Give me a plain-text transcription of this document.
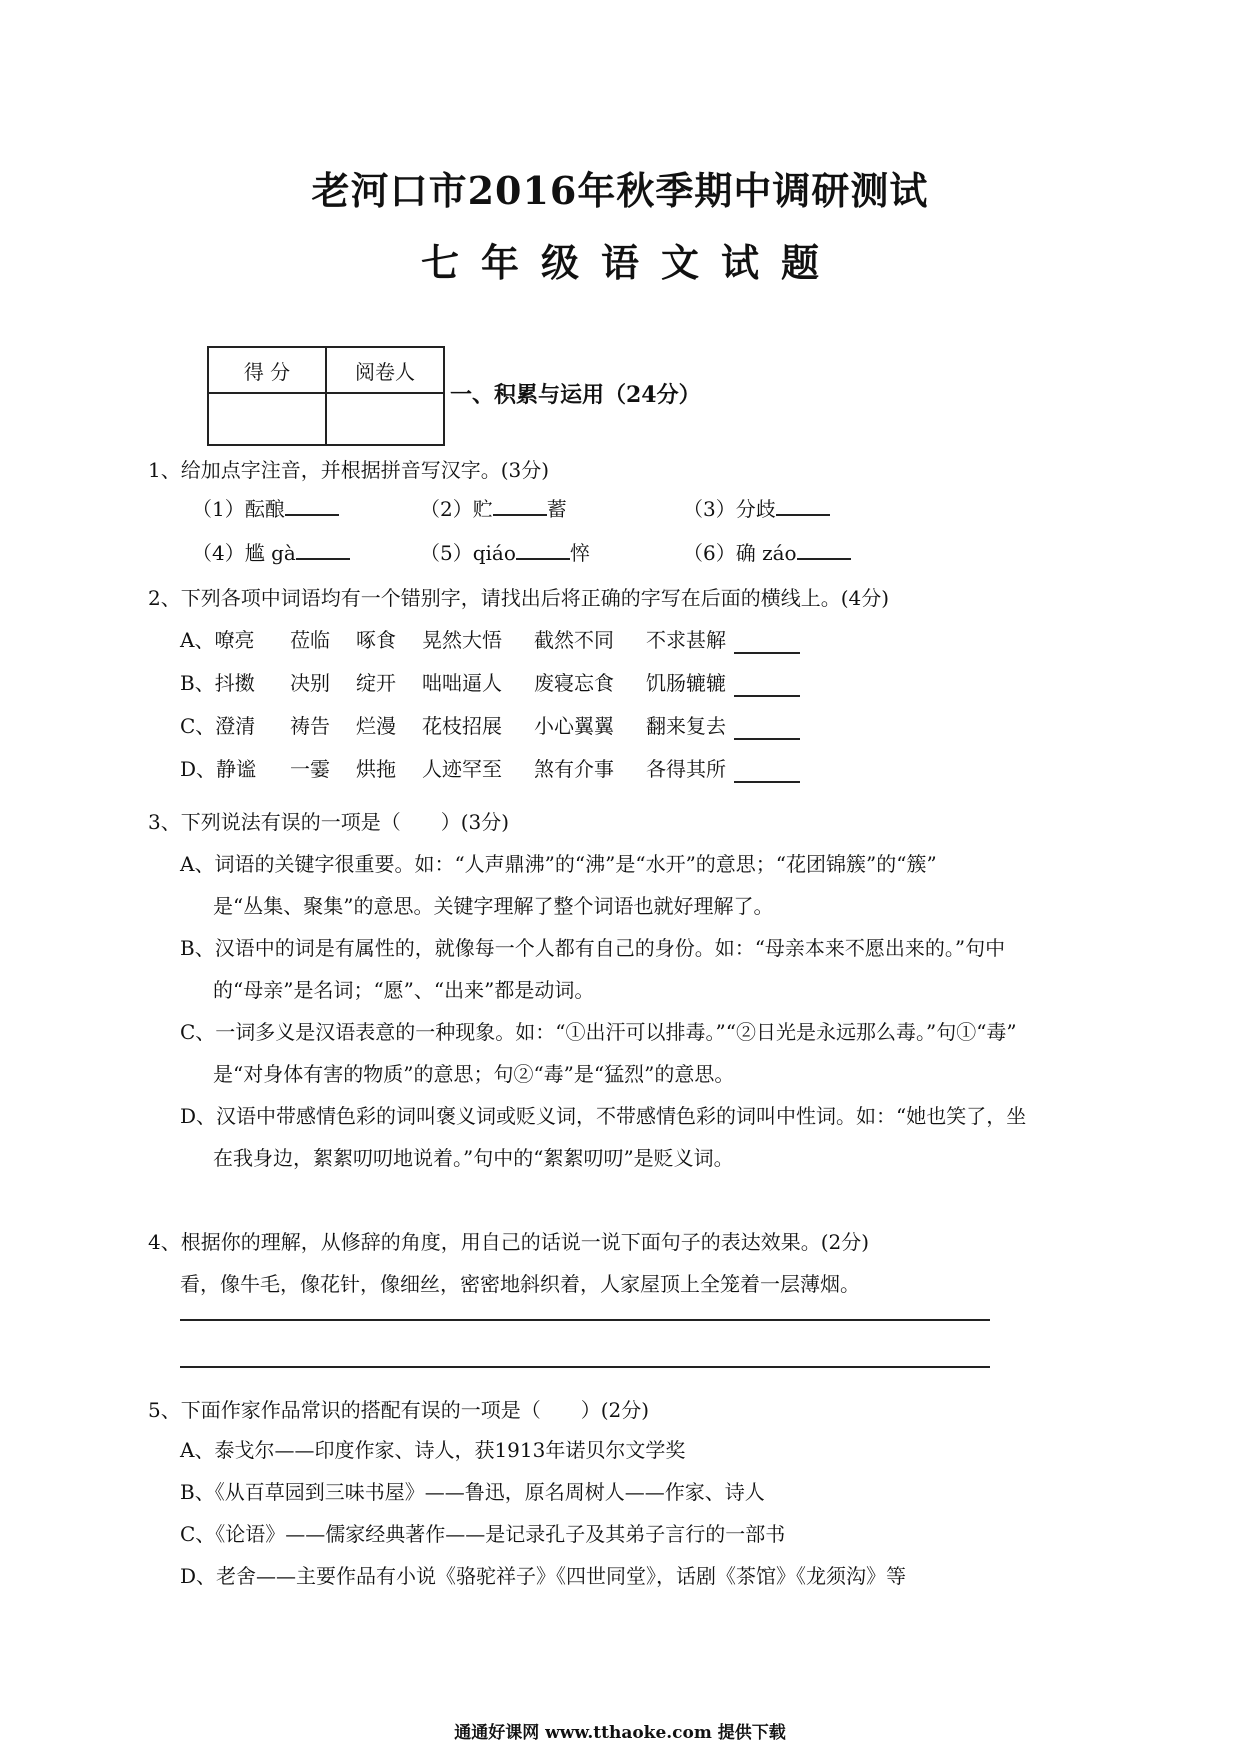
老河口市2016年秋季期中调研测试
七年级语文试题
得 分	阅卷人

一、积累与运用（24分）
1、给加点字注音，并根据拼音写汉字。(3分)
（1）酝酿	（2）贮	蓄	（3）分歧
（4）尴 gà	（5）qiáo	悴	（6）确 záo
2、下列各项中词语均有一个错别字，请找出后将正确的字写在后面的横线上。(4分)
A、嘹亮 莅临 啄食 晃然大悟 截然不同 不求甚解
B、抖擞 决别 绽开 咄咄逼人 废寝忘食 饥肠辘辘
C、澄清 祷告 烂漫 花枝招展 小心翼翼 翻来复去
D、静谧 一霎 烘拖 人迹罕至 煞有介事 各得其所
3、下列说法有误的一项是（　　）(3分)
A、词语的关键字很重要。如：“人声鼎沸”的“沸”是“水开”的意思；“花团锦簇”的“簇”
是“丛集、聚集”的意思。关键字理解了整个词语也就好理解了。
B、汉语中的词是有属性的，就像每一个人都有自己的身份。如：“母亲本来不愿出来的。”句中
的“母亲”是名词；“愿”、“出来”都是动词。
C、一词多义是汉语表意的一种现象。如：“①出汗可以排毒。”“②日光是永远那么毒。”句①“毒”
是“对身体有害的物质”的意思；句②“毒”是“猛烈”的意思。
D、汉语中带感情色彩的词叫褒义词或贬义词，不带感情色彩的词叫中性词。如：“她也笑了，坐
在我身边，絮絮叨叨地说着。”句中的“絮絮叨叨”是贬义词。
4、根据你的理解，从修辞的角度，用自己的话说一说下面句子的表达效果。(2分)
看，像牛毛，像花针，像细丝，密密地斜织着，人家屋顶上全笼着一层薄烟。
5、下面作家作品常识的搭配有误的一项是（　　）(2分)
A、泰戈尔——印度作家、诗人，获1913年诺贝尔文学奖
B、《从百草园到三味书屋》——鲁迅，原名周树人——作家、诗人
C、《论语》——儒家经典著作——是记录孔子及其弟子言行的一部书
D、老舍——主要作品有小说《骆驼祥子》《四世同堂》，话剧《茶馆》《龙须沟》等
通通好课网 www.tthaoke.com 提供下载
